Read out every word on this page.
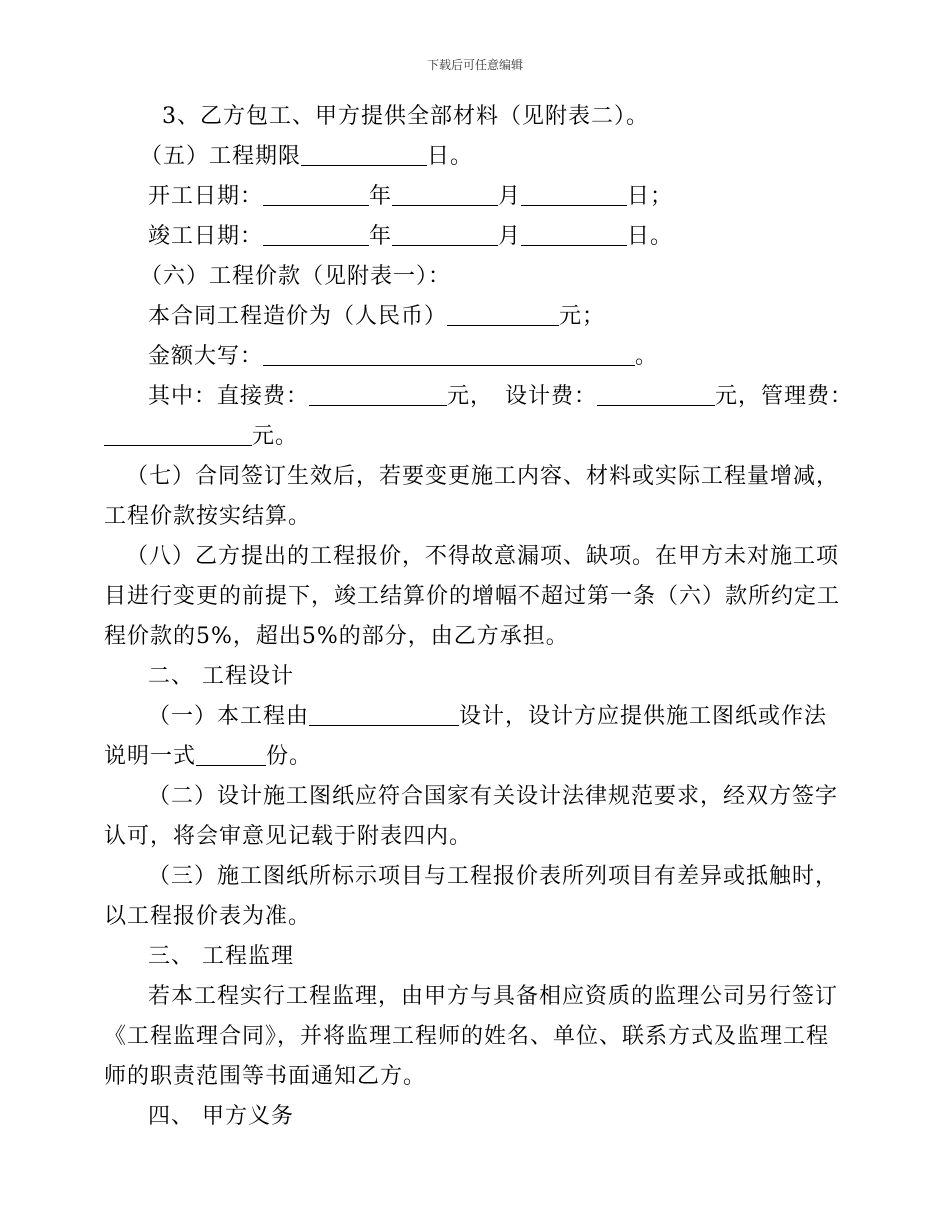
下载后可任意编辑
3、乙方包工、甲方提供全部材料（见附表二）。
（五）工程期限	日。
开工日期：	年	月	日；
竣工日期：	年	月	日。
（六）工程价款（见附表一）：
本合同工程造价为（人民币）	元；
金额大写：	。
其中：直接费：	元， 设计费：	元，管理费：
元。
（七）合同签订生效后，若要变更施工内容、材料或实际工程量增减，
工程价款按实结算。
（八）乙方提出的工程报价，不得故意漏项、缺项。在甲方未对施工项
目进行变更的前提下，竣工结算价的增幅不超过第一条（六）款所约定工
程价款的5%，超出5%的部分，由乙方承担。
二、 工程设计
（一）本工程由	设计，设计方应提供施工图纸或作法
说明一式	份。
（二）设计施工图纸应符合国家有关设计法律规范要求，经双方签字
认可，将会审意见记载于附表四内。
（三）施工图纸所标示项目与工程报价表所列项目有差异或抵触时，
以工程报价表为准。
三、 工程监理
若本工程实行工程监理，由甲方与具备相应资质的监理公司另行签订
《工程监理合同》，并将监理工程师的姓名、单位、联系方式及监理工程
师的职责范围等书面通知乙方。
四、 甲方义务
